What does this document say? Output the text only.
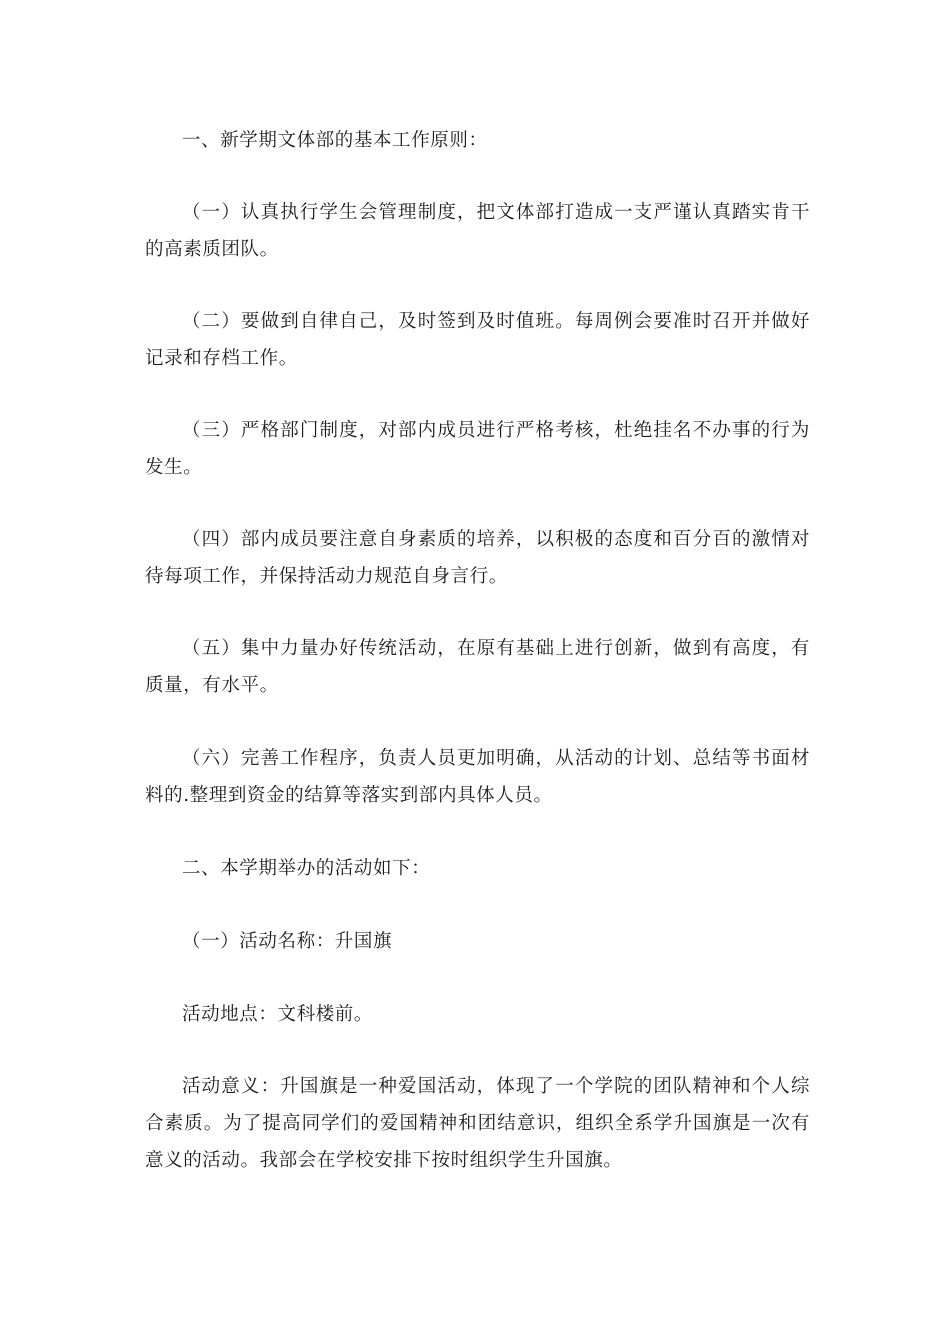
一、新学期文体部的基本工作原则：

（一）认真执行学生会管理制度，把文体部打造成一支严谨认真踏实肯干的高素质团队。

（二）要做到自律自己，及时签到及时值班。每周例会要准时召开并做好记录和存档工作。

（三）严格部门制度，对部内成员进行严格考核，杜绝挂名不办事的行为发生。

（四）部内成员要注意自身素质的培养，以积极的态度和百分百的激情对待每项工作，并保持活动力规范自身言行。

（五）集中力量办好传统活动，在原有基础上进行创新，做到有高度，有质量，有水平。

（六）完善工作程序，负责人员更加明确，从活动的计划、总结等书面材料的.整理到资金的结算等落实到部内具体人员。

二、本学期举办的活动如下：

（一）活动名称：升国旗

活动地点：文科楼前。

活动意义：升国旗是一种爱国活动，体现了一个学院的团队精神和个人综合素质。为了提高同学们的爱国精神和团结意识，组织全系学升国旗是一次有意义的活动。我部会在学校安排下按时组织学生升国旗。
